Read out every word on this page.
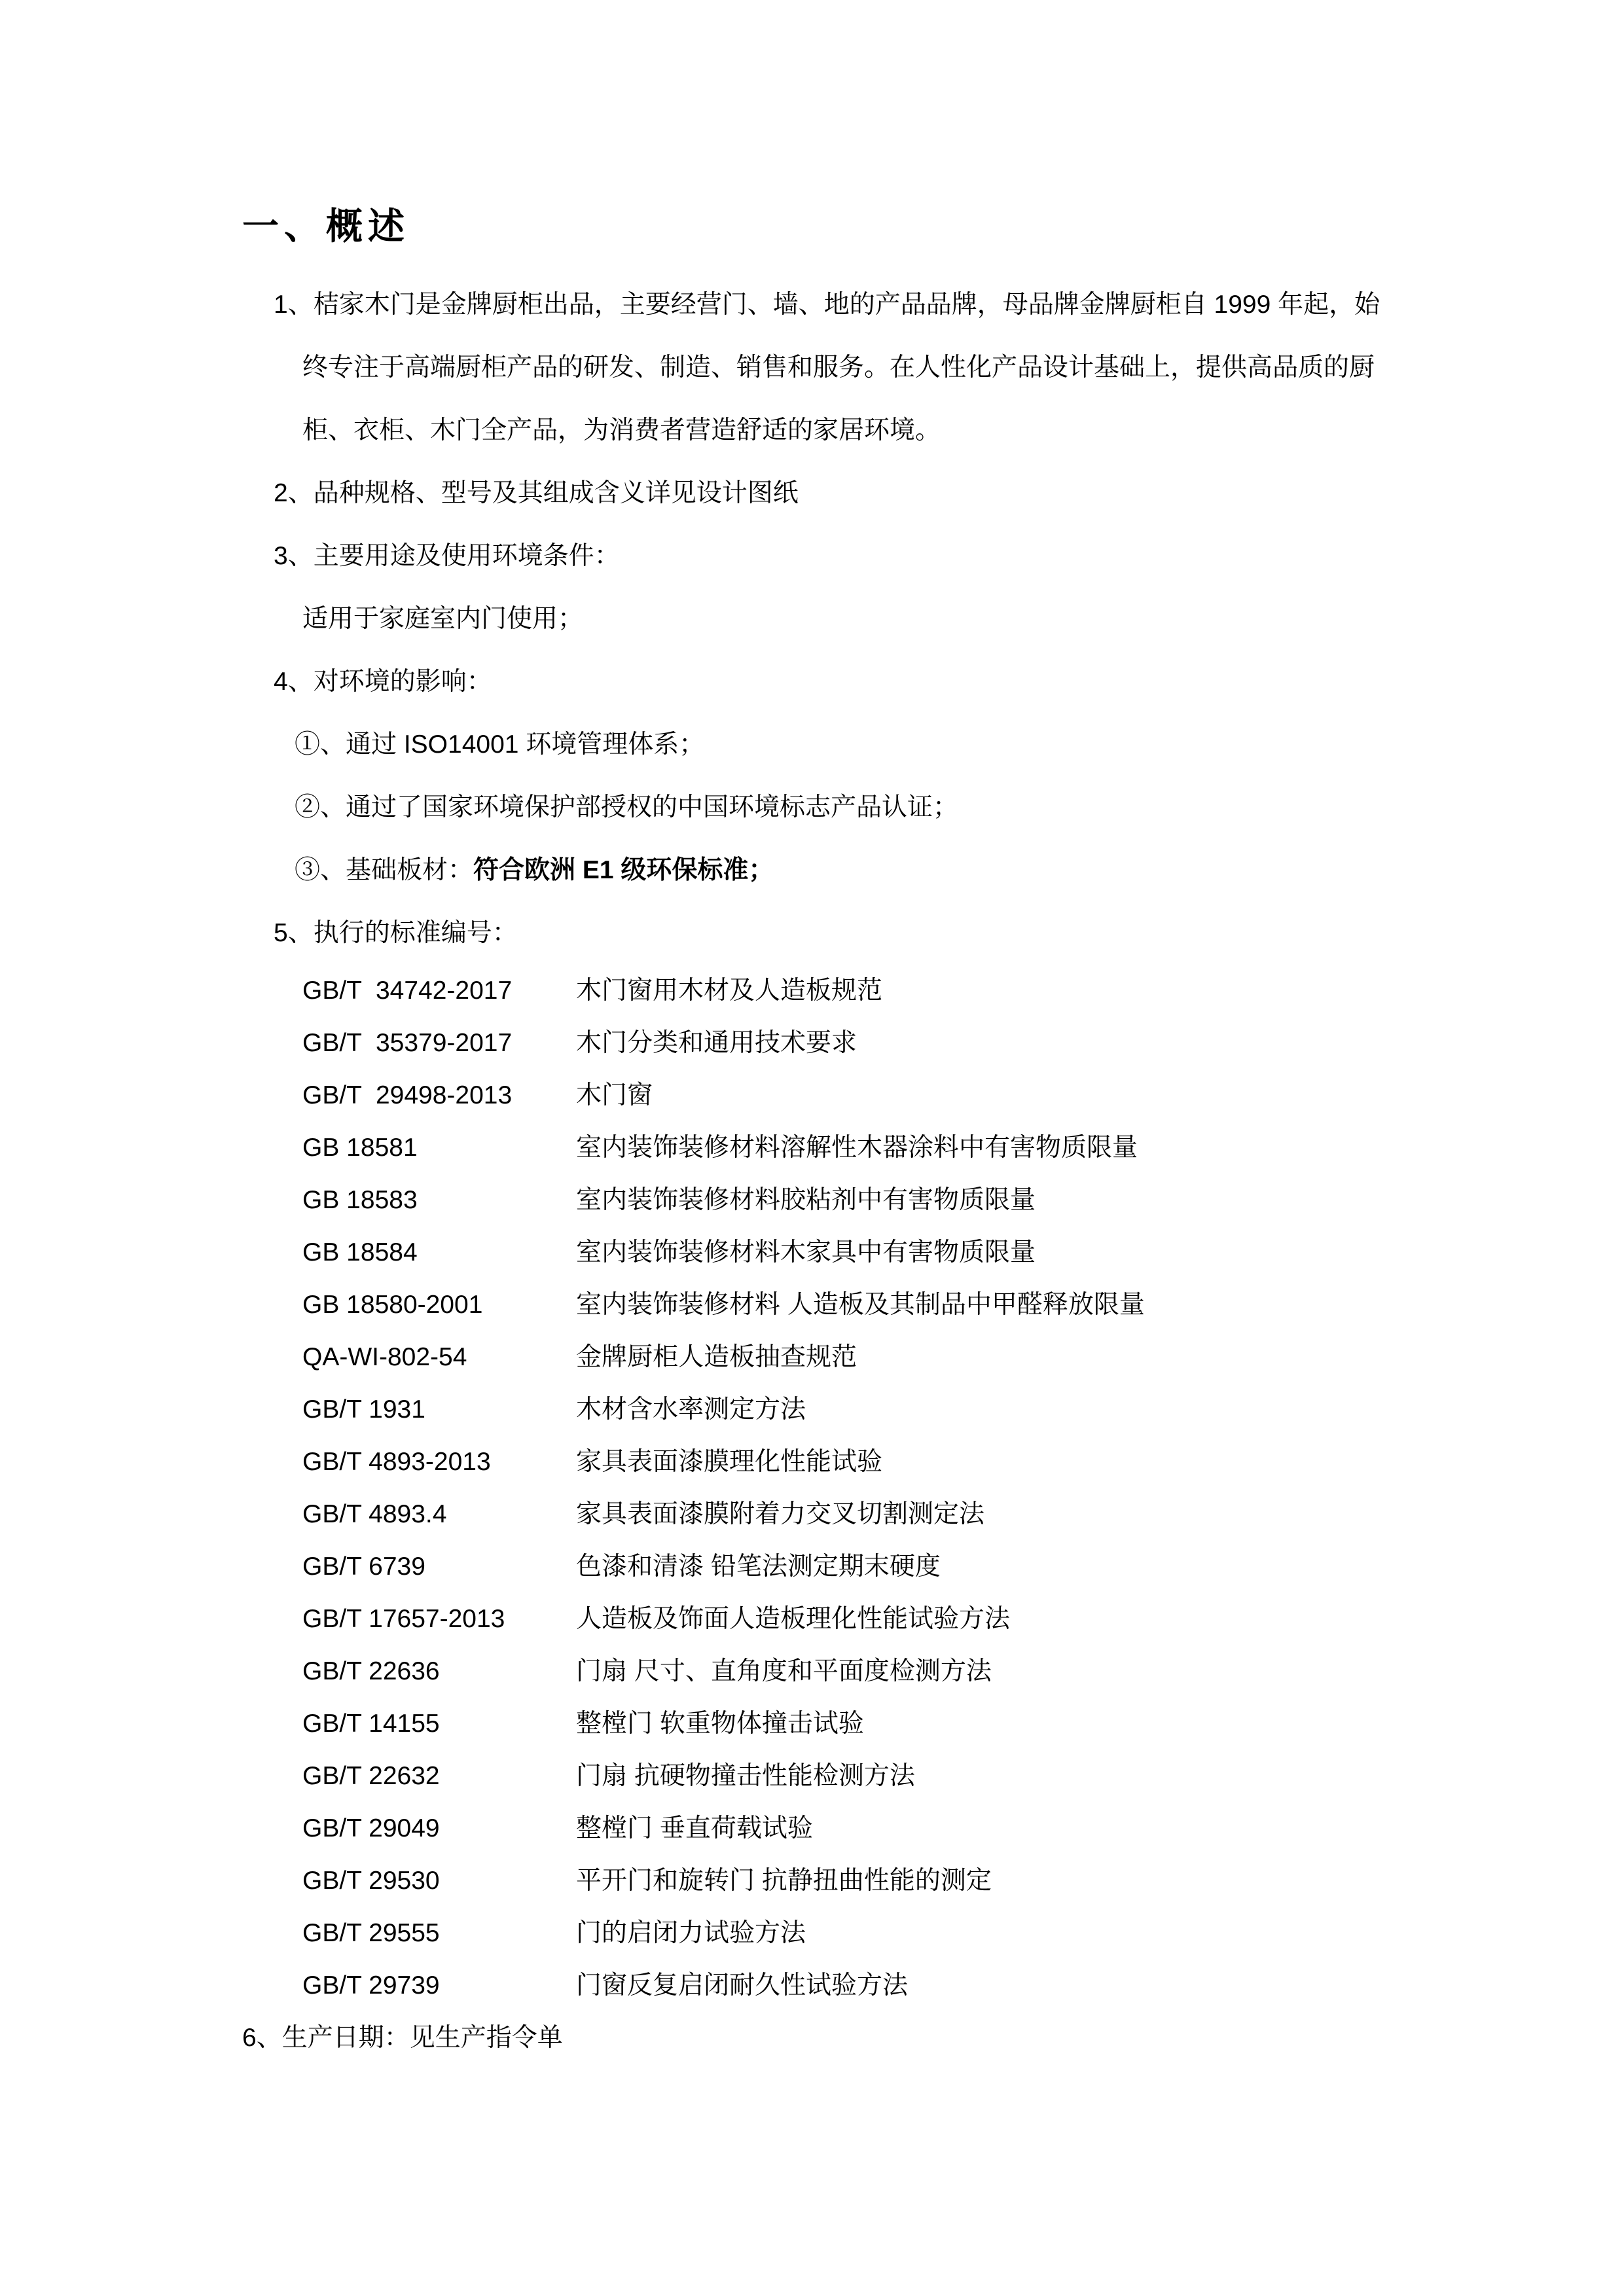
一、概述
1、桔家木门是金牌厨柜出品，主要经营门、墙、地的产品品牌，母品牌金牌厨柜自 1999 年起，始
终专注于高端厨柜产品的研发、制造、销售和服务。在人性化产品设计基础上，提供高品质的厨
柜、衣柜、木门全产品，为消费者营造舒适的家居环境。
2、品种规格、型号及其组成含义详见设计图纸
3、主要用途及使用环境条件：
适用于家庭室内门使用；
4、对环境的影响：
①、通过 ISO14001 环境管理体系；
②、通过了国家环境保护部授权的中国环境标志产品认证；
③、基础板材：符合欧洲 E1 级环保标准；
5、执行的标准编号：
GB/T  34742-2017	木门窗用木材及人造板规范
GB/T  35379-2017	木门分类和通用技术要求
GB/T  29498-2013	木门窗
GB 18581	室内装饰装修材料溶解性木器涂料中有害物质限量
GB 18583	室内装饰装修材料胶粘剂中有害物质限量
GB 18584	室内装饰装修材料木家具中有害物质限量
GB 18580-2001	室内装饰装修材料 人造板及其制品中甲醛释放限量
QA-WI-802-54	金牌厨柜人造板抽查规范
GB/T 1931	木材含水率测定方法
GB/T 4893-2013	家具表面漆膜理化性能试验
GB/T 4893.4	家具表面漆膜附着力交叉切割测定法
GB/T 6739	色漆和清漆 铅笔法测定期末硬度
GB/T 17657-2013	人造板及饰面人造板理化性能试验方法
GB/T 22636	门扇 尺寸、直角度和平面度检测方法
GB/T 14155	整樘门 软重物体撞击试验
GB/T 22632	门扇 抗硬物撞击性能检测方法
GB/T 29049	整樘门 垂直荷载试验
GB/T 29530	平开门和旋转门 抗静扭曲性能的测定
GB/T 29555	门的启闭力试验方法
GB/T 29739	门窗反复启闭耐久性试验方法
6、生产日期：见生产指令单
